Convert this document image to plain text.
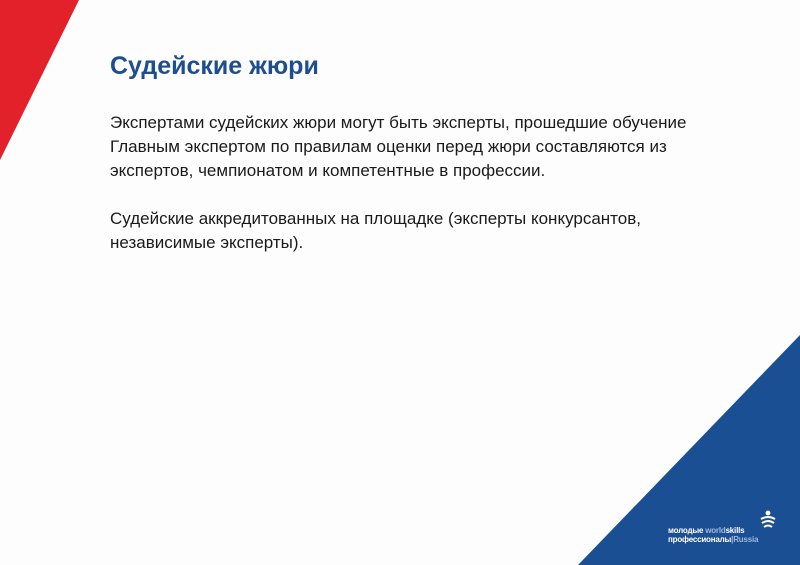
Судейские жюри

Экспертами судейских жюри могут быть эксперты, прошедшие обучение Главным экспертом по правилам оценки перед жюри составляются из экспертов, чемпионатом и компетентные в профессии.

Судейские аккредитованных на площадке (эксперты конкурсантов, независимые эксперты).

молодые worldskills
профессионалы|Russia
